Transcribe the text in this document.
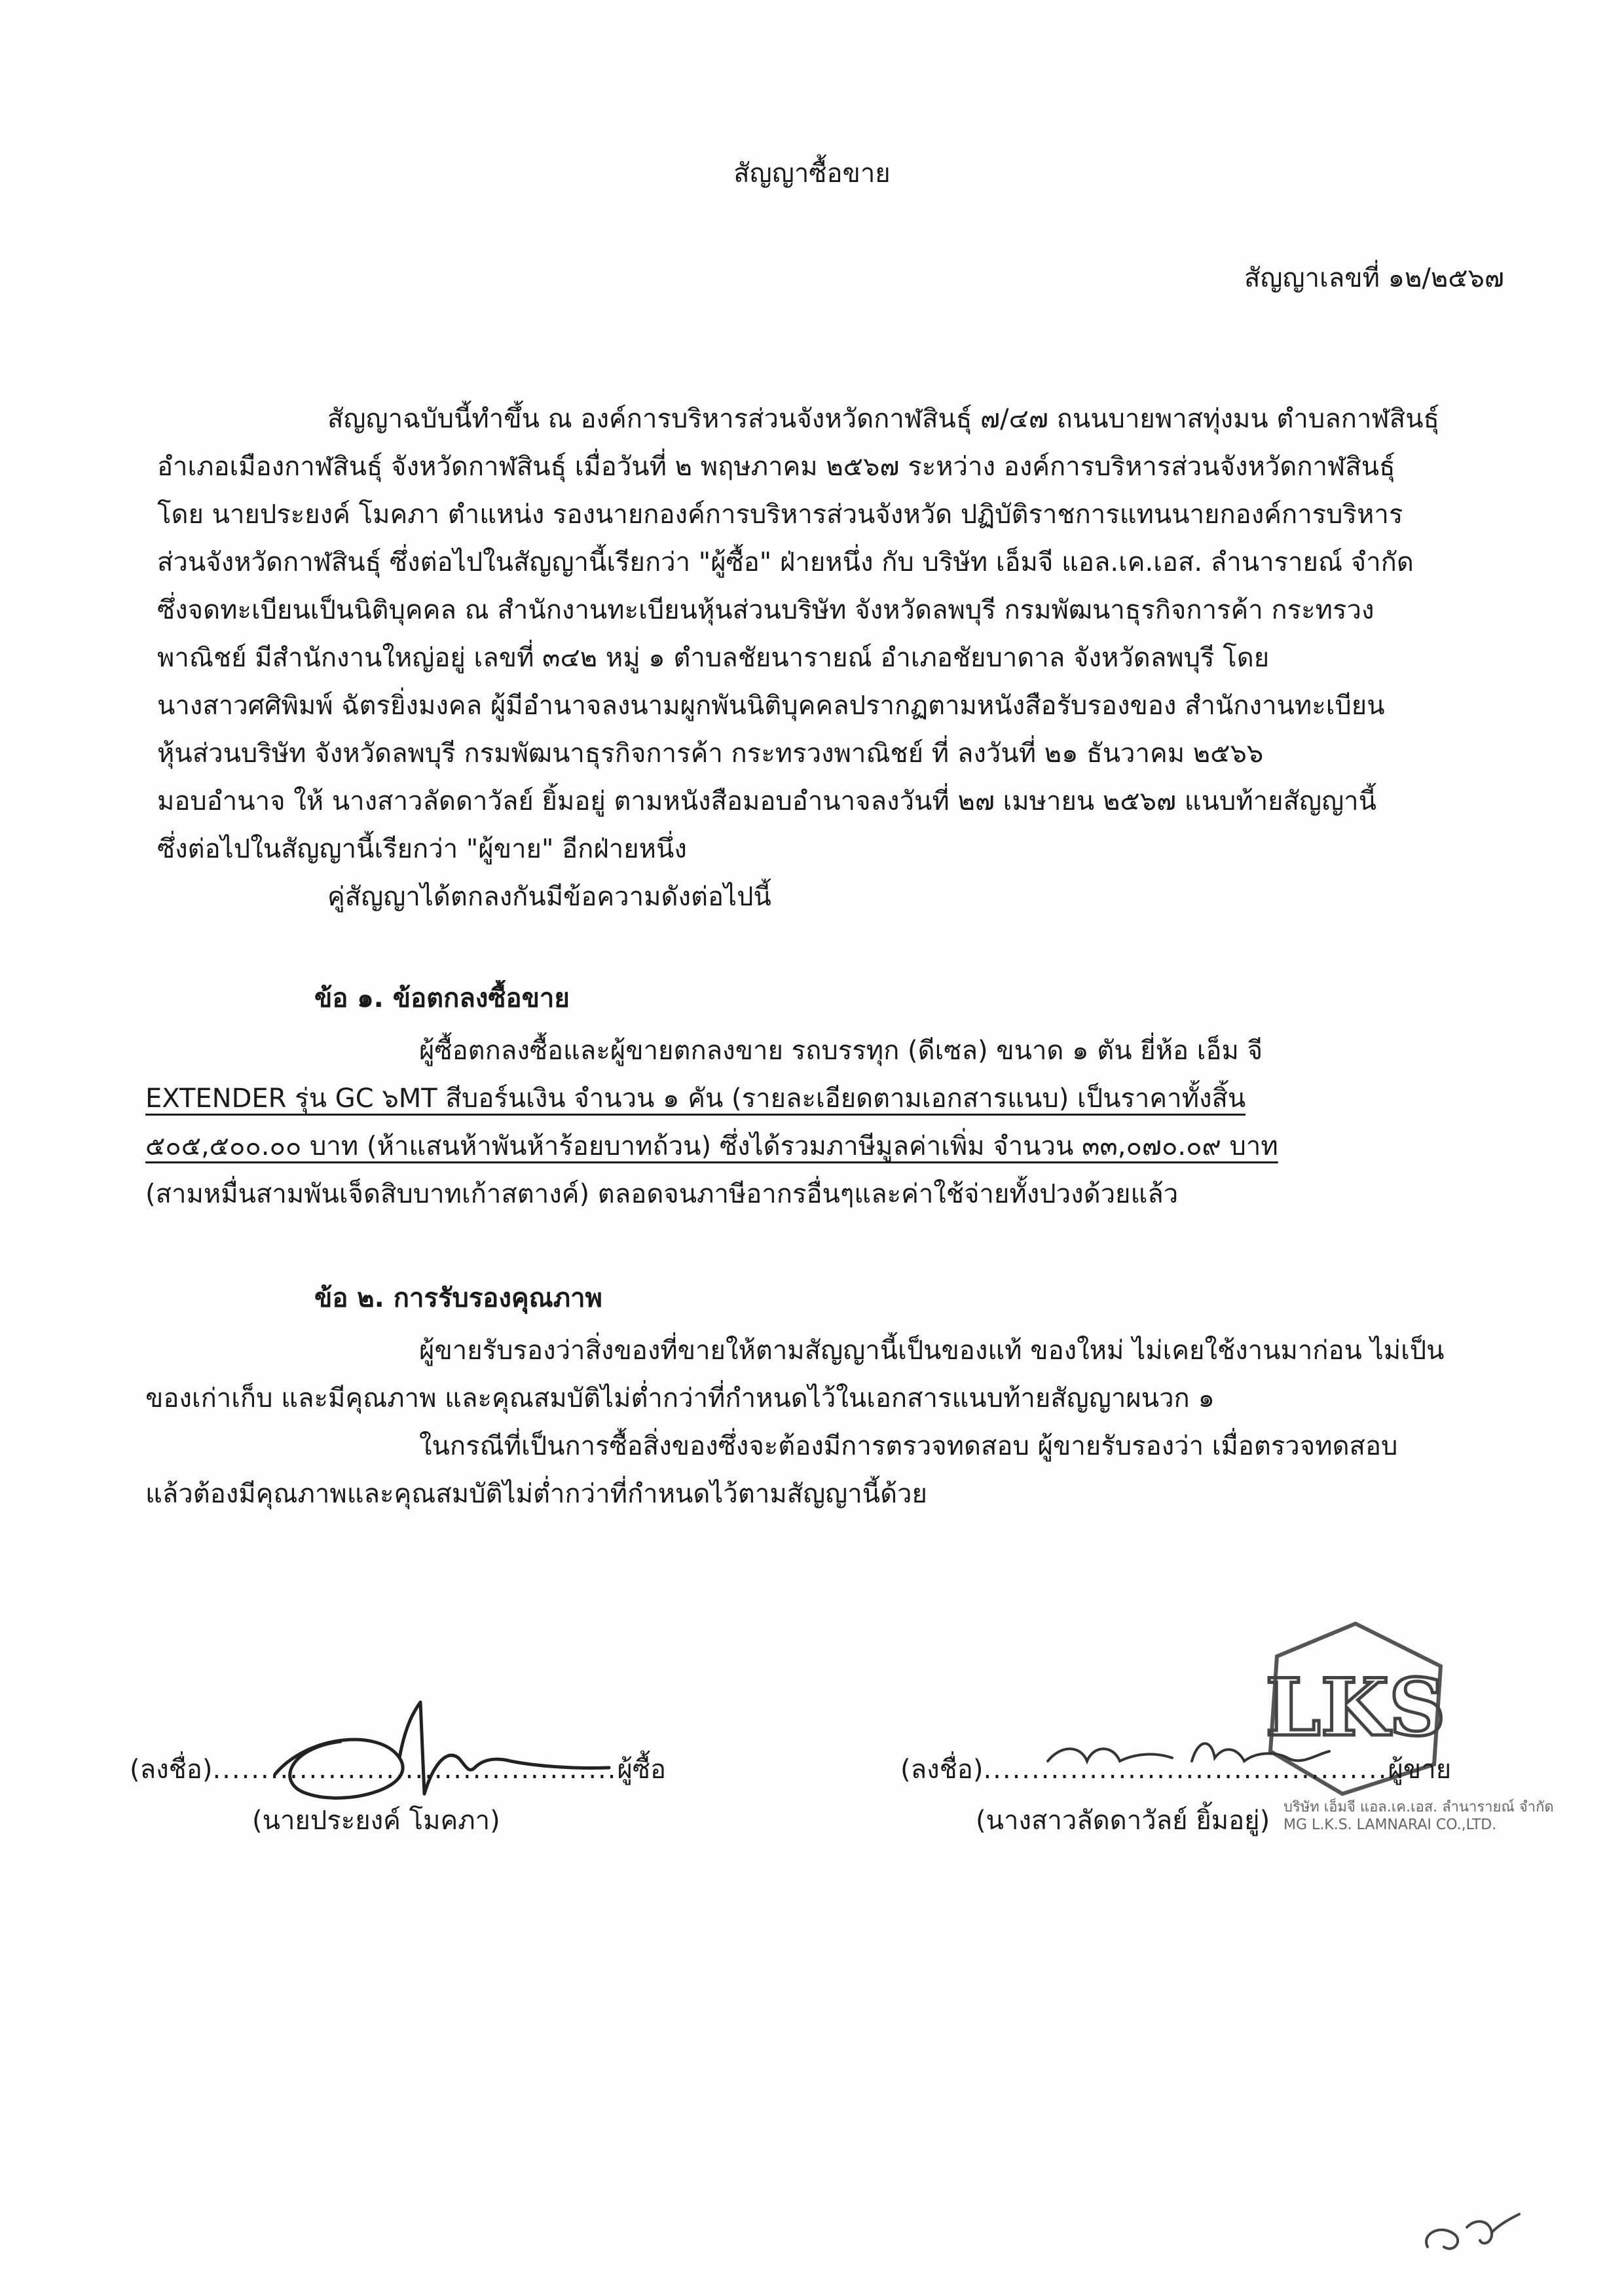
สัญญาซื้อขาย
สัญญาเลขที่ ๑๒/๒๕๖๗
สัญญาฉบับนี้ทำขึ้น ณ องค์การบริหารส่วนจังหวัดกาฬสินธุ์ ๗/๔๗ ถนนบายพาสทุ่งมน ตำบลกาฬสินธุ์
อำเภอเมืองกาฬสินธุ์ จังหวัดกาฬสินธุ์ เมื่อวันที่ ๒ พฤษภาคม ๒๕๖๗ ระหว่าง องค์การบริหารส่วนจังหวัดกาฬสินธุ์
โดย นายประยงค์ โมคภา ตำแหน่ง รองนายกองค์การบริหารส่วนจังหวัด ปฏิบัติราชการแทนนายกองค์การบริหาร
ส่วนจังหวัดกาฬสินธุ์ ซึ่งต่อไปในสัญญานี้เรียกว่า "ผู้ซื้อ" ฝ่ายหนึ่ง กับ บริษัท เอ็มจี แอล.เค.เอส. ลำนารายณ์ จำกัด
ซึ่งจดทะเบียนเป็นนิติบุคคล ณ สำนักงานทะเบียนหุ้นส่วนบริษัท จังหวัดลพบุรี กรมพัฒนาธุรกิจการค้า กระทรวง
พาณิชย์ มีสำนักงานใหญ่อยู่ เลขที่ ๓๔๒ หมู่ ๑ ตำบลชัยนารายณ์ อำเภอชัยบาดาล จังหวัดลพบุรี โดย
นางสาวศศิพิมพ์ ฉัตรยิ่งมงคล ผู้มีอำนาจลงนามผูกพันนิติบุคคลปรากฏตามหนังสือรับรองของ สำนักงานทะเบียน
หุ้นส่วนบริษัท จังหวัดลพบุรี กรมพัฒนาธุรกิจการค้า กระทรวงพาณิชย์ ที่ ลงวันที่ ๒๑ ธันวาคม ๒๕๖๖
มอบอำนาจ ให้ นางสาวลัดดาวัลย์ ยิ้มอยู่ ตามหนังสือมอบอำนาจลงวันที่ ๒๗ เมษายน ๒๕๖๗ แนบท้ายสัญญานี้
ซึ่งต่อไปในสัญญานี้เรียกว่า "ผู้ขาย" อีกฝ่ายหนึ่ง
คู่สัญญาได้ตกลงกันมีข้อความดังต่อไปนี้
ข้อ ๑. ข้อตกลงซื้อขาย
ผู้ซื้อตกลงซื้อและผู้ขายตกลงขาย รถบรรทุก (ดีเซล) ขนาด ๑ ตัน ยี่ห้อ เอ็ม จี
EXTENDER รุ่น GC ๖MT สีบอร์นเงิน จำนวน ๑ คัน (รายละเอียดตามเอกสารแนบ) เป็นราคาทั้งสิ้น
๕๐๕,๕๐๐.๐๐ บาท (ห้าแสนห้าพันห้าร้อยบาทถ้วน) ซึ่งได้รวมภาษีมูลค่าเพิ่ม จำนวน ๓๓,๐๗๐.๐๙ บาท
(สามหมื่นสามพันเจ็ดสิบบาทเก้าสตางค์) ตลอดจนภาษีอากรอื่นๆและค่าใช้จ่ายทั้งปวงด้วยแล้ว
ข้อ ๒. การรับรองคุณภาพ
ผู้ขายรับรองว่าสิ่งของที่ขายให้ตามสัญญานี้เป็นของแท้ ของใหม่ ไม่เคยใช้งานมาก่อน ไม่เป็น
ของเก่าเก็บ และมีคุณภาพ และคุณสมบัติไม่ต่ำกว่าที่กำหนดไว้ในเอกสารแนบท้ายสัญญาผนวก ๑
ในกรณีที่เป็นการซื้อสิ่งของซึ่งจะต้องมีการตรวจทดสอบ ผู้ขายรับรองว่า เมื่อตรวจทดสอบ
แล้วต้องมีคุณภาพและคุณสมบัติไม่ต่ำกว่าที่กำหนดไว้ตามสัญญานี้ด้วย
(ลงชื่อ)..........................................ผู้ซื้อ
(นายประยงค์ โมคภา)
LKS
(ลงชื่อ)..........................................ผู้ขาย
(นางสาวลัดดาวัลย์ ยิ้มอยู่) บริษัท เอ็มจี แอล.เค.เอส. ลำนารายณ์ จำกัด
MG L.K.S. LAMNARAI CO.,LTD.
